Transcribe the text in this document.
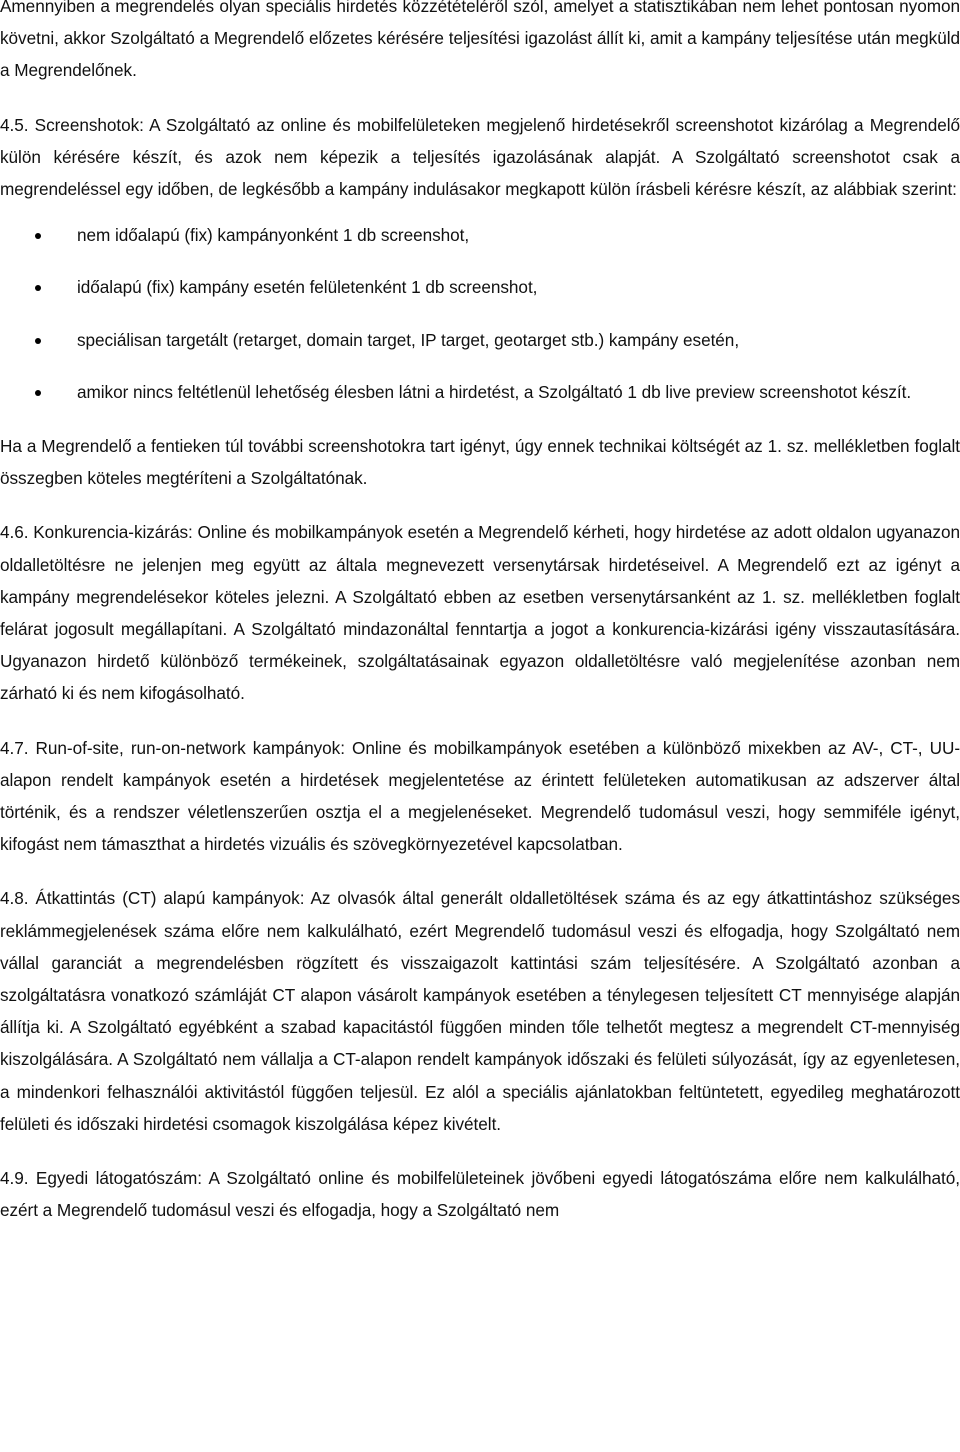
Amennyiben a megrendelés olyan speciális hirdetés közzétételéről szól, amelyet a statisztikában nem lehet pontosan nyomon követni, akkor Szolgáltató a Megrendelő előzetes kérésére teljesítési igazolást állít ki, amit a kampány teljesítése után megküld a Megrendelőnek.

4.5. Screenshotok: A Szolgáltató az online és mobilfelületeken megjelenő hirdetésekről screenshotot kizárólag a Megrendelő külön kérésére készít, és azok nem képezik a teljesítés igazolásának alapját. A Szolgáltató screenshotot csak a megrendeléssel egy időben, de legkésőbb a kampány indulásakor megkapott külön írásbeli kérésre készít, az alábbiak szerint:

nem időalapú (fix) kampányonként 1 db screenshot,
időalapú (fix) kampány esetén felületenként 1 db screenshot,
speciálisan targetált (retarget, domain target, IP target, geotarget stb.) kampány esetén,
amikor nincs feltétlenül lehetőség élesben látni a hirdetést, a Szolgáltató 1 db live preview screenshotot készít.

Ha a Megrendelő a fentieken túl további screenshotokra tart igényt, úgy ennek technikai költségét az 1. sz. mellékletben foglalt összegben köteles megtéríteni a Szolgáltatónak.

4.6. Konkurencia-kizárás: Online és mobilkampányok esetén a Megrendelő kérheti, hogy hirdetése az adott oldalon ugyanazon oldalletöltésre ne jelenjen meg együtt az általa megnevezett versenytársak hirdetéseivel. A Megrendelő ezt az igényt a kampány megrendelésekor köteles jelezni. A Szolgáltató ebben az esetben versenytársanként az 1. sz. mellékletben foglalt felárat jogosult megállapítani. A Szolgáltató mindazonáltal fenntartja a jogot a konkurencia-kizárási igény visszautasítására. Ugyanazon hirdető különböző termékeinek, szolgáltatásainak egyazon oldalletöltésre való megjelenítése azonban nem zárható ki és nem kifogásolható.

4.7. Run-of-site, run-on-network kampányok: Online és mobilkampányok esetében a különböző mixekben az AV-, CT-, UU-alapon rendelt kampányok esetén a hirdetések megjelentetése az érintett felületeken automatikusan az adszerver által történik, és a rendszer véletlenszerűen osztja el a megjelenéseket. Megrendelő tudomásul veszi, hogy semmiféle igényt, kifogást nem támaszthat a hirdetés vizuális és szövegkörnyezetével kapcsolatban.

4.8. Átkattintás (CT) alapú kampányok: Az olvasók által generált oldalletöltések száma és az egy átkattintáshoz szükséges reklámmegjelenések száma előre nem kalkulálható, ezért Megrendelő tudomásul veszi és elfogadja, hogy Szolgáltató nem vállal garanciát a megrendelésben rögzített és visszaigazolt kattintási szám teljesítésére. A Szolgáltató azonban a szolgáltatásra vonatkozó számláját CT alapon vásárolt kampányok esetében a ténylegesen teljesített CT mennyisége alapján állítja ki. A Szolgáltató egyébként a szabad kapacitástól függően minden tőle telhetőt megtesz a megrendelt CT-mennyiség kiszolgálására. A Szolgáltató nem vállalja a CT-alapon rendelt kampányok időszaki és felületi súlyozását, így az egyenletesen, a mindenkori felhasználói aktivitástól függően teljesül. Ez alól a speciális ajánlatokban feltüntetett, egyedileg meghatározott felületi és időszaki hirdetési csomagok kiszolgálása képez kivételt.

4.9. Egyedi látogatószám: A Szolgáltató online és mobilfelületeinek jövőbeni egyedi látogatószáma előre nem kalkulálható, ezért a Megrendelő tudomásul veszi és elfogadja, hogy a Szolgáltató nem
